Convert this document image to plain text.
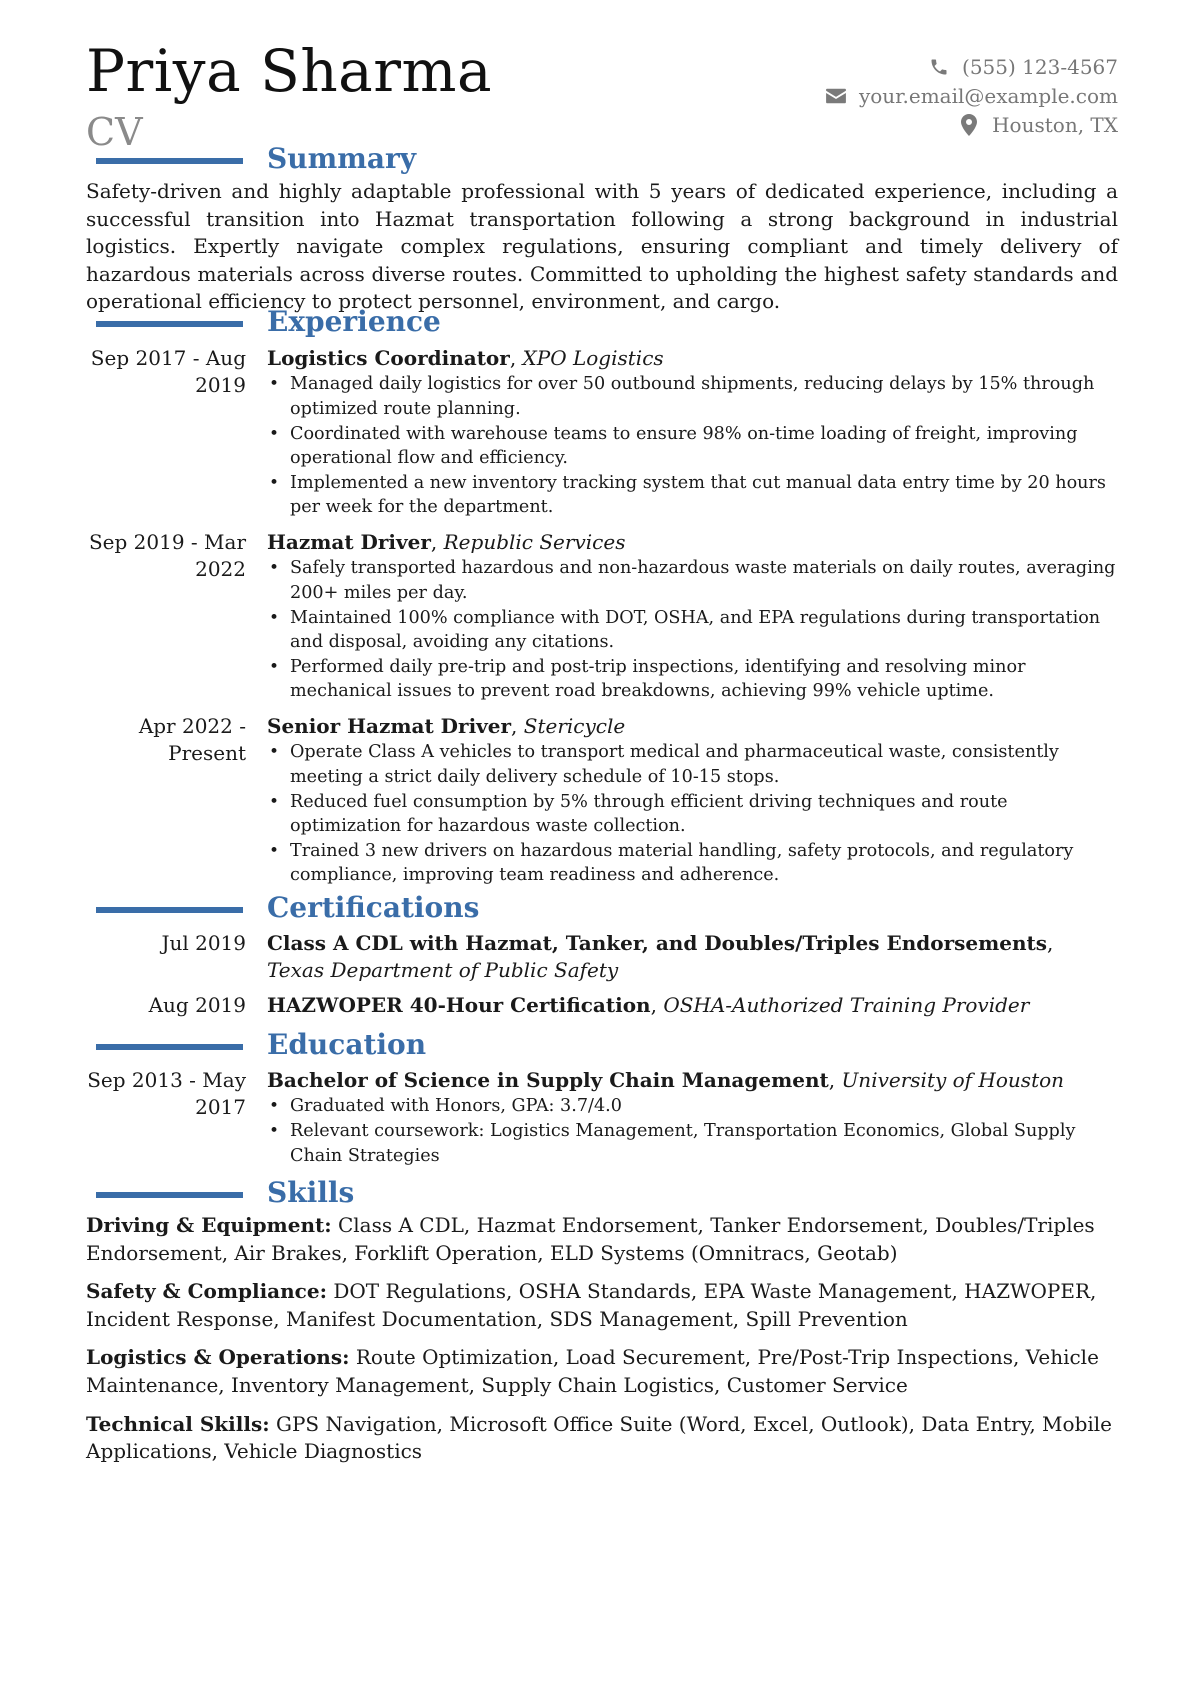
Priya Sharma
CV
(555) 123-4567
your.email@example.com
Houston, TX
Summary

Safety-driven and highly adaptable professional with 5 years of dedicated experience, including a successful transition into Hazmat transportation following a strong background in industrial logistics. Expertly navigate complex regulations, ensuring compliant and timely delivery of hazardous materials across diverse routes. Committed to upholding the highest safety standards and operational efficiency to protect personnel, environment, and cargo.

Experience
Sep 2017 - Aug 2019
Logistics Coordinator, XPO Logistics
• Managed daily logistics for over 50 outbound shipments, reducing delays by 15% through optimized route planning.
• Coordinated with warehouse teams to ensure 98% on-time loading of freight, improving operational flow and efficiency.
• Implemented a new inventory tracking system that cut manual data entry time by 20 hours per week for the department.
Sep 2019 - Mar 2022
Hazmat Driver, Republic Services
• Safely transported hazardous and non-hazardous waste materials on daily routes, averaging 200+ miles per day.
• Maintained 100% compliance with DOT, OSHA, and EPA regulations during transportation and disposal, avoiding any citations.
• Performed daily pre-trip and post-trip inspections, identifying and resolving minor mechanical issues to prevent road breakdowns, achieving 99% vehicle uptime.
Apr 2022 - Present
Senior Hazmat Driver, Stericycle
• Operate Class A vehicles to transport medical and pharmaceutical waste, consistently meeting a strict daily delivery schedule of 10-15 stops.
• Reduced fuel consumption by 5% through efficient driving techniques and route optimization for hazardous waste collection.
• Trained 3 new drivers on hazardous material handling, safety protocols, and regulatory compliance, improving team readiness and adherence.
Certifications
Jul 2019 Class A CDL with Hazmat, Tanker, and Doubles/Triples Endorsements,
Texas Department of Public Safety
Aug 2019 HAZWOPER 40-Hour Certification, OSHA-Authorized Training Provider
Education
Sep 2013 - May 2017
Bachelor of Science in Supply Chain Management, University of Houston
• Graduated with Honors, GPA: 3.7/4.0
• Relevant coursework: Logistics Management, Transportation Economics, Global Supply Chain Strategies
Skills

Driving & Equipment: Class A CDL, Hazmat Endorsement, Tanker Endorsement, Doubles/Triples Endorsement, Air Brakes, Forklift Operation, ELD Systems (Omnitracs, Geotab)

Safety & Compliance: DOT Regulations, OSHA Standards, EPA Waste Management, HAZWOPER, Incident Response, Manifest Documentation, SDS Management, Spill Prevention

Logistics & Operations: Route Optimization, Load Securement, Pre/Post-Trip Inspections, Vehicle Maintenance, Inventory Management, Supply Chain Logistics, Customer Service

Technical Skills: GPS Navigation, Microsoft Office Suite (Word, Excel, Outlook), Data Entry, Mobile Applications, Vehicle Diagnostics
